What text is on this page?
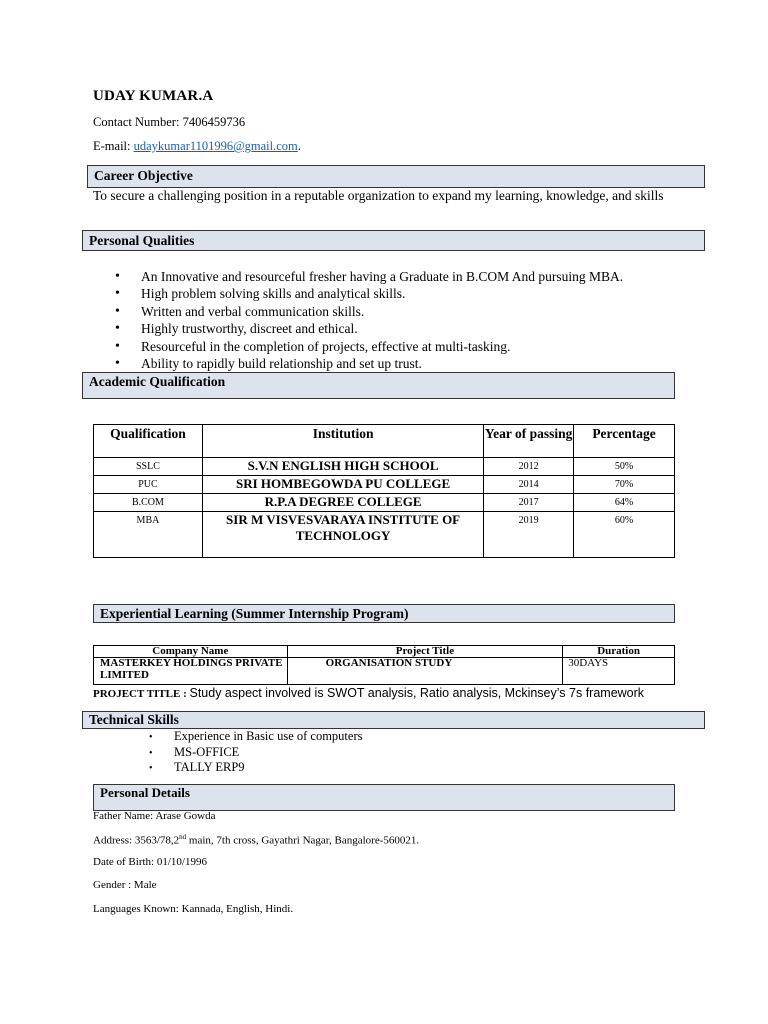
UDAY KUMAR.A
Contact Number: 7406459736
E-mail: udaykumar1101996@gmail.com.
Career Objective
To secure a challenging position in a reputable organization to expand my learning, knowledge, and skills
Personal Qualities
• An Innovative and resourceful fresher having a Graduate in B.COM And pursuing MBA.
• High problem solving skills and analytical skills.
• Written and verbal communication skills.
• Highly trustworthy, discreet and ethical.
• Resourceful in the completion of projects, effective at multi-tasking.
• Ability to rapidly build relationship and set up trust.
Academic Qualification
Qualification	Institution	Year of passing	Percentage
SSLC	S.V.N ENGLISH HIGH SCHOOL	2012	50%
PUC	SRI HOMBEGOWDA PU COLLEGE	2014	70%
B.COM	R.P.A DEGREE COLLEGE	2017	64%
MBA	SIR M VISVESVARAYA INSTITUTE OF TECHNOLOGY	2019	60%
Experiential Learning (Summer Internship Program)
Company Name	Project Title	Duration
MASTERKEY HOLDINGS PRIVATE LIMITED	ORGANISATION STUDY	30DAYS
PROJECT TITLE : Study aspect involved is SWOT analysis, Ratio analysis, Mckinsey’s 7s framework
Technical Skills
• Experience in Basic use of computers
• MS-OFFICE
• TALLY ERP9
Personal Details
Father Name: Arase Gowda
Address: 3563/78,2nd main, 7th cross, Gayathri Nagar, Bangalore-560021.
Date of Birth: 01/10/1996
Gender : Male
Languages Known: Kannada, English, Hindi.
